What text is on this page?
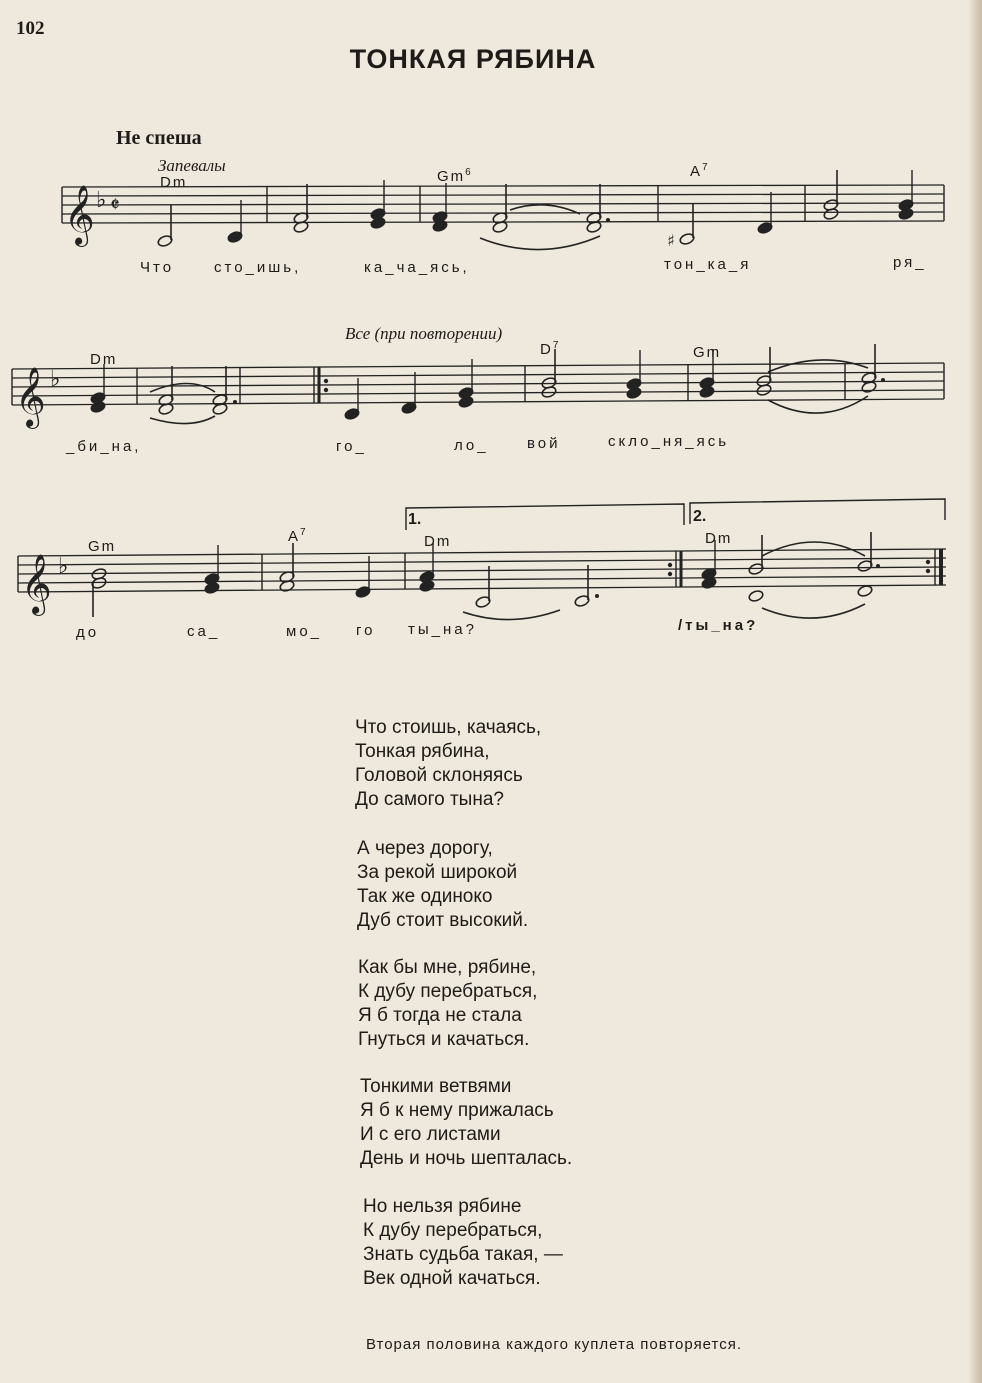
102
ТОНКАЯ РЯБИНА
Не спеша
Запевалы
Все (при повторении)
Dm	Gm$^6$	$A^7$
Dm
$D^7$	Gm
Gm
$A^7$
Dm	Dm
1.	2.
Что	сто_ишь,	ка_ча_ясь,	тон_ка_я	ря_
_би_на,	го_	ло_	вой	скло_ня_ясь
до	са_	мо_ го ты_на?	/ты_на?
𝄞
𝄞
𝄞
♭
♭
♭
𝄵
♯
Что стоишь, качаясь,
Тонкая рябина,
Головой склоняясь
До самого тына?
А через дорогу,
За рекой широкой
Так же одиноко
Дуб стоит высокий.
Как бы мне, рябине,
К дубу перебраться,
Я б тогда не стала
Гнуться и качаться.
Тонкими ветвями
Я б к нему прижалась
И с его листами
День и ночь шепталась.
Но нельзя рябине
К дубу перебраться,
Знать судьба такая, —
Век одной качаться.
Вторая половина каждого куплета повторяется.
